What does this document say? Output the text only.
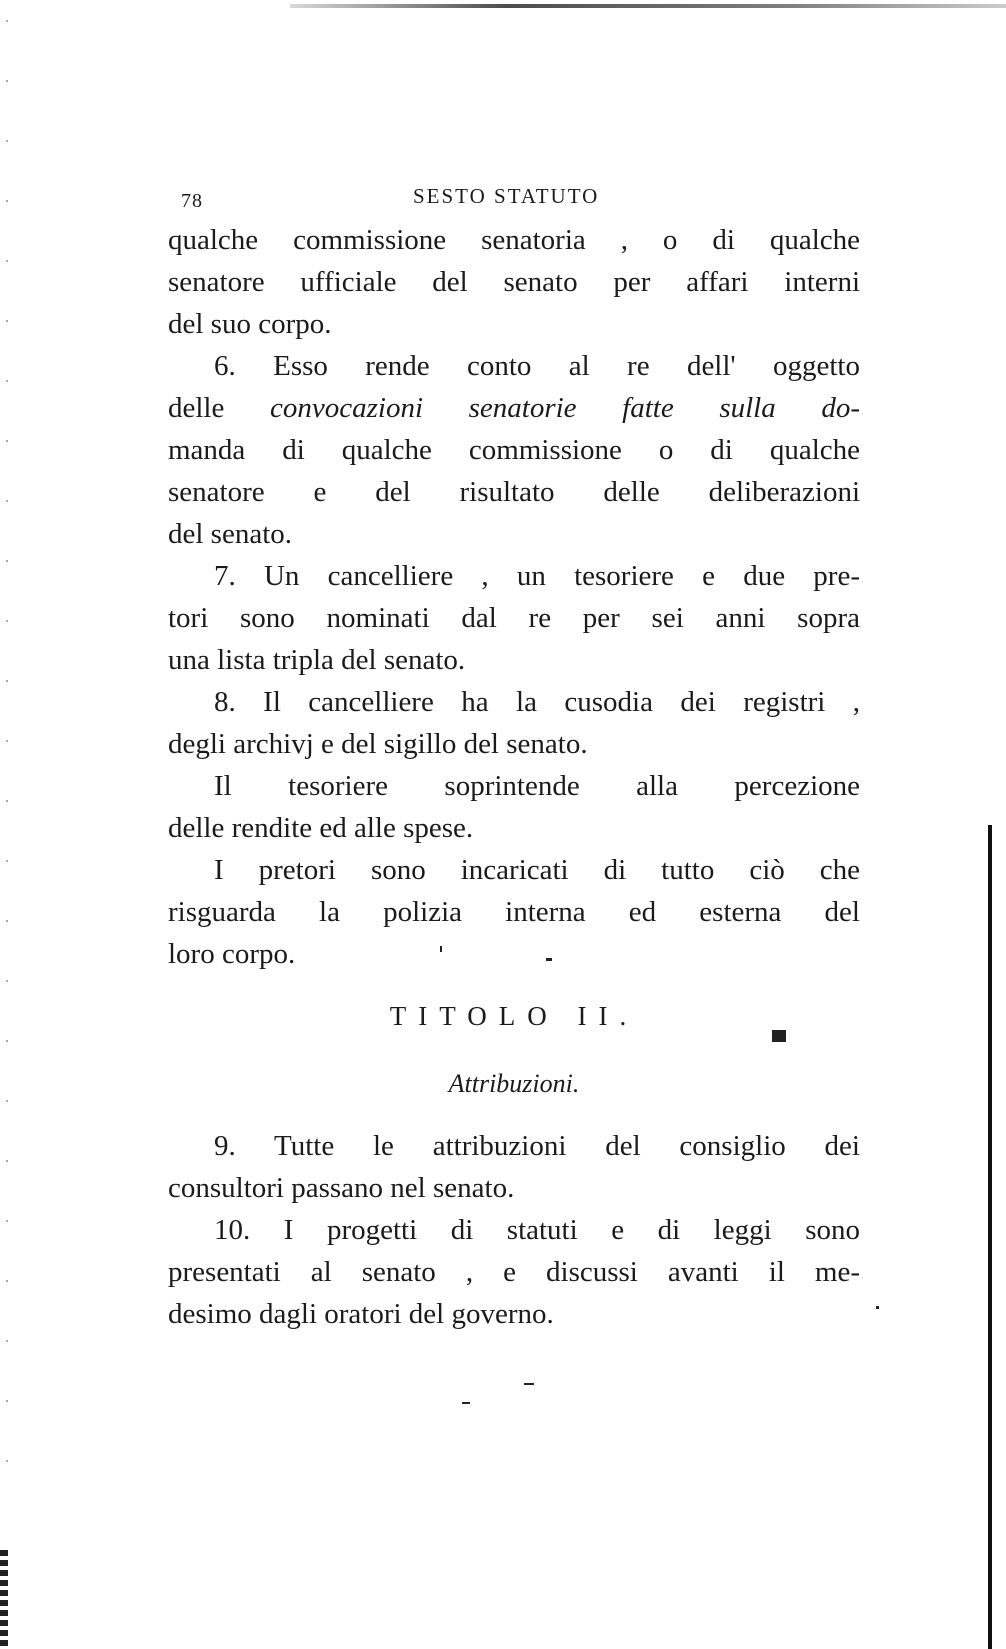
78	SESTO STATUTO
qualche commissione senatoria , o di qualche
senatore ufficiale del senato per affari interni
del suo corpo.
6. Esso rende conto al re dell' oggetto
delle convocazioni senatorie fatte sulla do-
manda di qualche commissione o di qualche
senatore e del risultato delle deliberazioni
del senato.
7. Un cancelliere , un tesoriere e due pre-
tori sono nominati dal re per sei anni sopra
una lista tripla del senato.
8. Il cancelliere ha la cusodia dei registri ,
degli archivj e del sigillo del senato.
Il tesoriere soprintende alla percezione
delle rendite ed alle spese.
I pretori sono incaricati di tutto ciò che
risguarda la polizia interna ed esterna del
loro corpo.
TITOLO II.
Attribuzioni.
9. Tutte le attribuzioni del consiglio dei
consultori passano nel senato.
10. I progetti di statuti e di leggi sono
presentati al senato , e discussi avanti il me-
desimo dagli oratori del governo.
